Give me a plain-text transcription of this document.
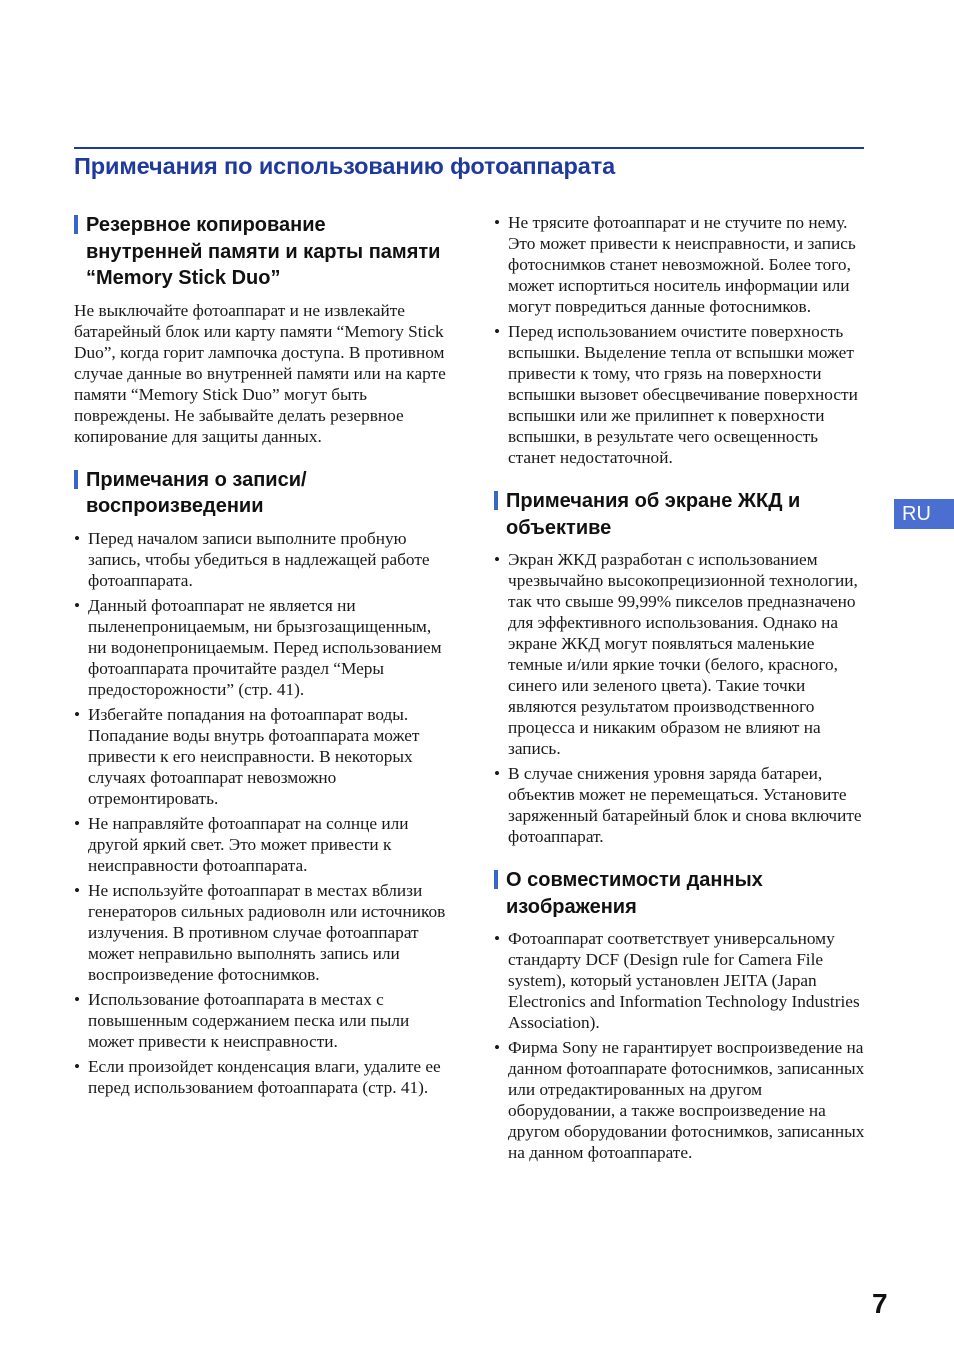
Примечания по использованию фотоаппарата
Резервное копирование внутренней памяти и карты памяти “Memory Stick Duo”

Не выключайте фотоаппарат и не извлекайте батарейный блок или карту памяти “Memory Stick Duo”, когда горит лампочка доступа. В противном случае данные во внутренней памяти или на карте памяти “Memory Stick Duo” могут быть повреждены. Не забывайте делать резервное копирование для защиты данных.

Примечания о записи/ воспроизведении
• Перед началом записи выполните пробную запись, чтобы убедиться в надлежащей работе фотоаппарата.
• Данный фотоаппарат не является ни пыленепроницаемым, ни брызгозащищенным, ни водонепроницаемым. Перед использованием фотоаппарата прочитайте раздел “Меры предосторожности” (стр. 41).
• Избегайте попадания на фотоаппарат воды. Попадание воды внутрь фотоаппарата может привести к его неисправности. В некоторых случаях фотоаппарат невозможно отремонтировать.
• Не направляйте фотоаппарат на солнце или другой яркий свет. Это может привести к неисправности фотоаппарата.
• Не используйте фотоаппарат в местах вблизи генераторов сильных радиоволн или источников излучения. В противном случае фотоаппарат может неправильно выполнять запись или воспроизведение фотоснимков.
• Использование фотоаппарата в местах с повышенным содержанием песка или пыли может привести к неисправности.
• Если произойдет конденсация влаги, удалите ее перед использованием фотоаппарата (стр. 41).
• Не трясите фотоаппарат и не стучите по нему. Это может привести к неисправности, и запись фотоснимков станет невозможной. Более того, может испортиться носитель информации или могут повредиться данные фотоснимков.
• Перед использованием очистите поверхность вспышки. Выделение тепла от вспышки может привести к тому, что грязь на поверхности вспышки вызовет обесцвечивание поверхности вспышки или же прилипнет к поверхности вспышки, в результате чего освещенность станет недостаточной.
Примечания об экране ЖКД и объективе
• Экран ЖКД разработан с использованием чрезвычайно высокопрецизионной технологии, так что свыше 99,99% пикселов предназначено для эффективного использования. Однако на экране ЖКД могут появляться маленькие темные и/или яркие точки (белого, красного, синего или зеленого цвета). Такие точки являются результатом производственного процесса и никаким образом не влияют на запись.
• В случае снижения уровня заряда батареи, объектив может не перемещаться. Установите заряженный батарейный блок и снова включите фотоаппарат.
О совместимости данных изображения
• Фотоаппарат соответствует универсальному стандарту DCF (Design rule for Camera File system), который установлен JEITA (Japan Electronics and Information Technology Industries Association).
• Фирма Sony не гарантирует воспроизведение на данном фотоаппарате фотоснимков, записанных или отредактированных на другом оборудовании, а также воспроизведение на другом оборудовании фотоснимков, записанных на данном фотоаппарате.
RU
7
